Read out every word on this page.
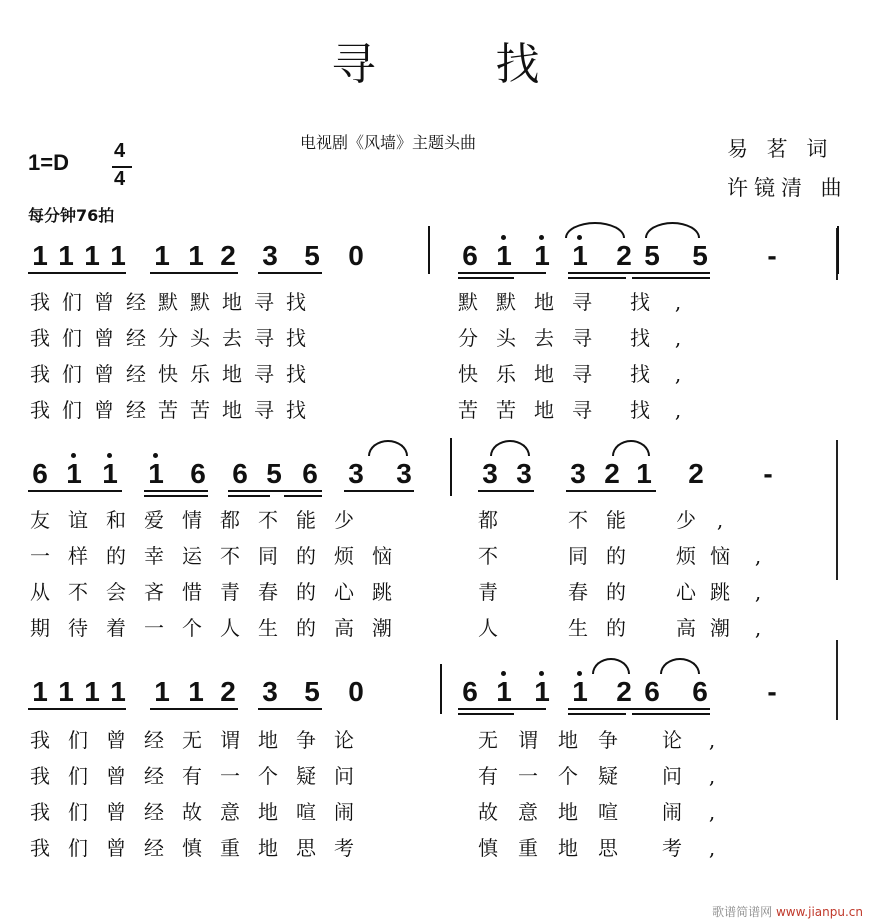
寻找
电视剧《风墙》主题头曲	易 茗 词
许镜清 曲
1=D 4
4
每分钟76拍
1 1 1 1 1 1 2 3 5 0	6 1 1 1 2 5 5 -
我 们 曾 经 默 默 地 寻 找	默 默 地 寻 找	,
我 们 曾 经 分 头 去 寻 找	分 头 去 寻 找	,
我 们 曾 经 快 乐 地 寻 找	快 乐 地 寻 找	,
我 们 曾 经 苦 苦 地 寻 找	苦 苦 地 寻 找	,
6 1 1 1 6 6 5 6 3 3	3 3 3 2 1 2 -
友 谊 和 爱 情 都 不 能 少	都	不 能	少	,
一 样 的 幸 运 不 同 的 烦 恼	不	同 的	烦 恼	,
从 不 会 吝 惜 青 春 的 心 跳	青	春 的	心 跳	,
期 待 着 一 个 人 生 的 高 潮	人	生 的	高 潮	,
1 1 1 1 1 1 2 3 5 0	6 1 1 1 2 6 6 -
我 们 曾 经 无 谓 地 争 论	无 谓 地 争 论	,
我 们 曾 经 有 一 个 疑 问	有 一 个 疑 问	,
我 们 曾 经 故 意 地 喧 闹	故 意 地 喧 闹	,
我 们 曾 经 慎 重 地 思 考	慎 重 地 思 考	,
歌谱简谱网 www.jianpu.cn
